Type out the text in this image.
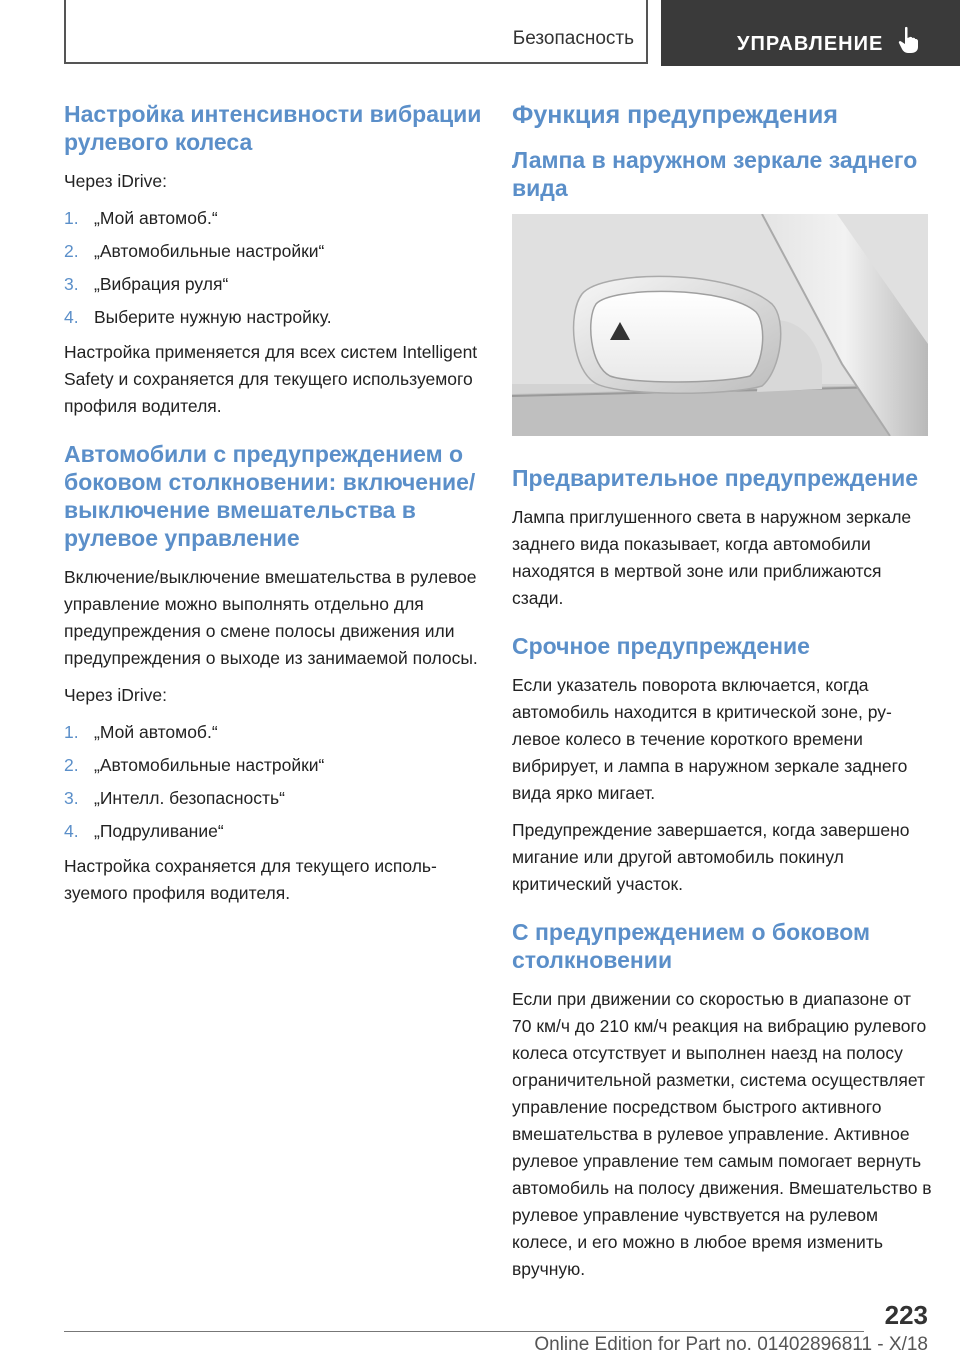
Безопасность	УПРАВЛЕНИЕ
Настройка интенсивности вибрации рулевого колеса

Через iDrive:

1. „Мой автомоб.“
2. „Автомобильные настройки“
3. „Вибрация руля“
4. Выберите нужную настройку.

Настройка применяется для всех систем Intelligent Safety и сохраняется для текущего используемого профиля водителя.

Автомобили с предупреждением о боковом столкновении: включение/выключение вмешательства в рулевое управление

Включение/выключение вмешательства в рулевое управление можно выполнять отдельно для предупреждения о смене полосы движения или предупреждения о выходе из занимаемой полосы.

Через iDrive:

1. „Мой автомоб.“
2. „Автомобильные настройки“
3. „Интелл. безопасность“
4. „Подруливание“

Настройка сохраняется для текущего используемого профиля водителя.

Функция предупреждения
Лампа в наружном зеркале заднего вида
Предварительное предупреждение

Лампа приглушенного света в наружном зеркале заднего вида показывает, когда автомобили находятся в мертвой зоне или приближаются сзади.

Срочное предупреждение

Если указатель поворота включается, когда автомобиль находится в критической зоне, рулевое колесо в течение короткого времени вибрирует, и лампа в наружном зеркале заднего вида ярко мигает.

Предупреждение завершается, когда завершено мигание или другой автомобиль покинул критический участок.

С предупреждением о боковом столкновении

Если при движении со скоростью в диапазоне от 70 км/ч до 210 км/ч реакция на вибрацию рулевого колеса отсутствует и выполнен наезд на полосу ограничительной разметки, система осуществляет управление посредством быстрого активного вмешательства в рулевое управление. Активное рулевое управление тем самым помогает вернуть автомобиль на полосу движения. Вмешательство в рулевое управление чувствуется на рулевом колесе, и его можно в любое время изменить вручную.

223
Online Edition for Part no. 01402896811 - X/18
